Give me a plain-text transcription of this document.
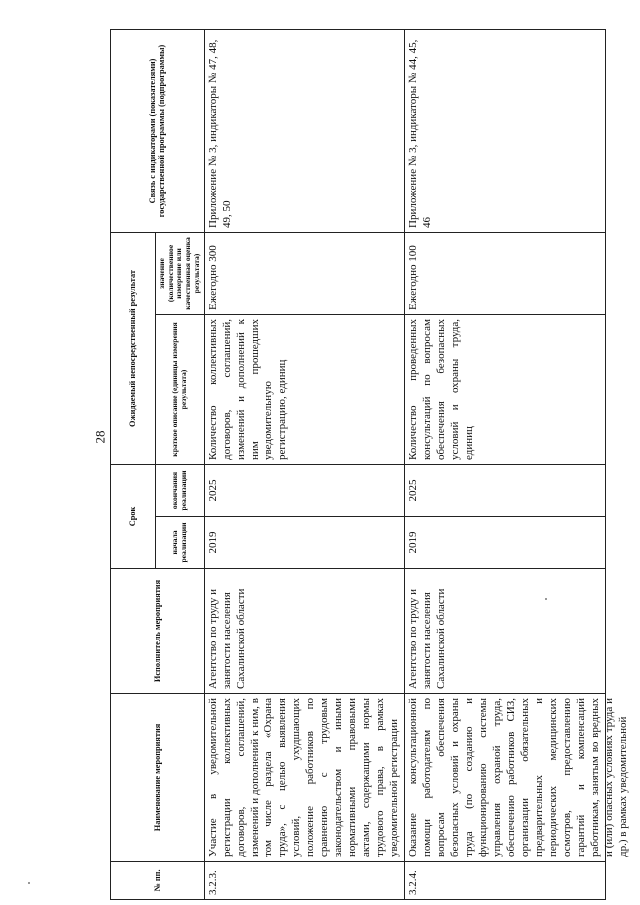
28
№ пп.	Наименование мероприятия	Исполнитель мероприятия	Срок		Ожидаемый непосредственный результат		Связь с индикаторами (показателями) государственной программы (подпрограммы)
			начала реализации	окончания реализации	краткое описание (единицы измерения результата)	значение (количественное измерение или качественная оценка результата)	
3.2.3.	Участие в уведомительной регистрации коллективных договоров, соглашений, изменений и дополнений к ним, в том числе раздела «Охрана труда», с целью выявления условий, ухудшающих положение работников по сравнению с трудовым законодательством и иными нормативными правовыми актами, содержащими нормы трудового права, в рамках уведомительной регистрации	Агентство по труду и занятости населения Сахалинской области	2019	2025	Количество коллективных договоров, соглашений, изменений и дополнений к ним прошедших уведомительную регистрацию, единиц	Ежегодно 300	Приложение № 3, индикаторы № 47, 48, 49, 50
3.2.4.	Оказание консультационной помощи работодателям по вопросам обеспечения безопасных условий и охраны труда (по созданию и функционированию системы управления охраной труда, обеспечению работников СИЗ, организации обязательных предварительных и периодических медицинских осмотров, предоставлению гарантий и компенсаций работникам, занятым во вредных и (или) опасных условиях труда и др.) в рамках уведомительной	Агентство по труду и занятости населения Сахалинской области	2019	2025	Количество проведенных консультаций по вопросам обеспечения безопасных условий и охраны труда, единиц	Ежегодно 100	Приложение № 3, индикаторы № 44, 45, 46
